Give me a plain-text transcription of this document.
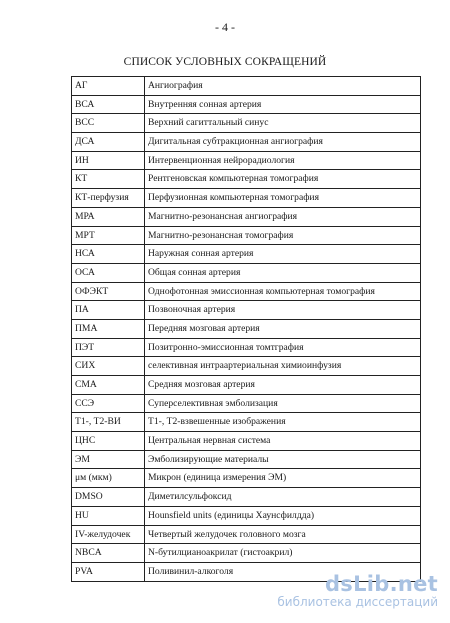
- 4 -
СПИСОК УСЛОВНЫХ СОКРАЩЕНИЙ
АГ	Ангиография
ВСА	Внутренняя сонная артерия
ВСС	Верхний сагиттальный синус
ДСА	Дигитальная субтракционная ангиография
ИН	Интервенционная нейрорадиология
КТ	Рентгеновская компьютерная томография
КТ-перфузия	Перфузионная компьютерная томография
МРА	Магнитно-резонансная ангиография
МРТ	Магнитно-резонансная томография
НСА	Наружная сонная артерия
ОСА	Общая сонная артерия
ОФЭКТ	Однофотонная эмиссионная компьютерная томография
ПА	Позвоночная артерия
ПМА	Передняя мозговая артерия
ПЭТ	Позитронно-эмиссионная томтграфия
СИХ	селективная интраартериальная химиоинфузия
СМА	Средняя мозговая артерия
ССЭ	Суперселективная эмболизация
Т1-, Т2-ВИ	Т1-, Т2-взвешенные изображения
ЦНС	Центральная нервная система
ЭМ	Эмболизирующие материалы
μм (мкм)	Микрон (единица измерения ЭМ)
DMSO	Диметилсульфоксид
HU	Hounsfield units (единицы Хаунсфилдда)
IV-желудочек	Четвертый желудочек головного мозга
NBCA	N-бутилцианоакрилат (гистоакрил)
PVA	Поливинил-алкоголя
dsLib.net
библиотека диссертаций
